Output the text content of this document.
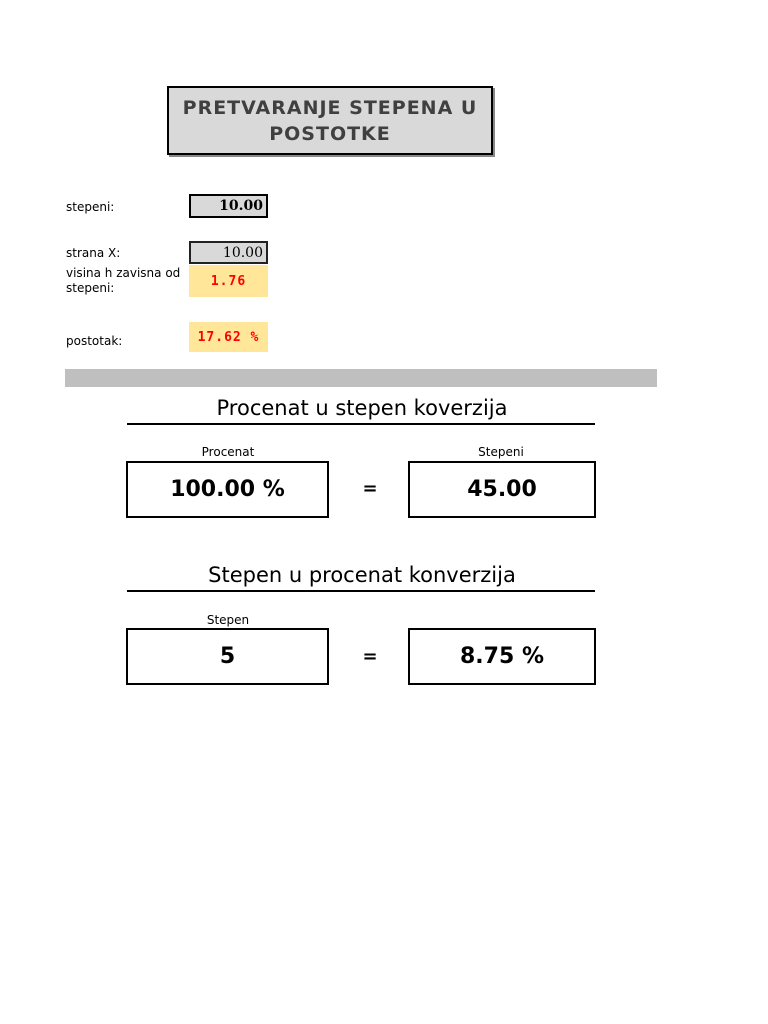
PRETVARANJE STEPENA U POSTOTKE
stepeni:	10.00
strana X:	10.00
visina h zavisna od
stepeni:	1.76
postotak:	17.62 %
Procenat u stepen koverzija
Procenat	Stepeni
100.00 %	=	45.00
Stepen u procenat konverzija
Stepen
5	=	8.75 %
